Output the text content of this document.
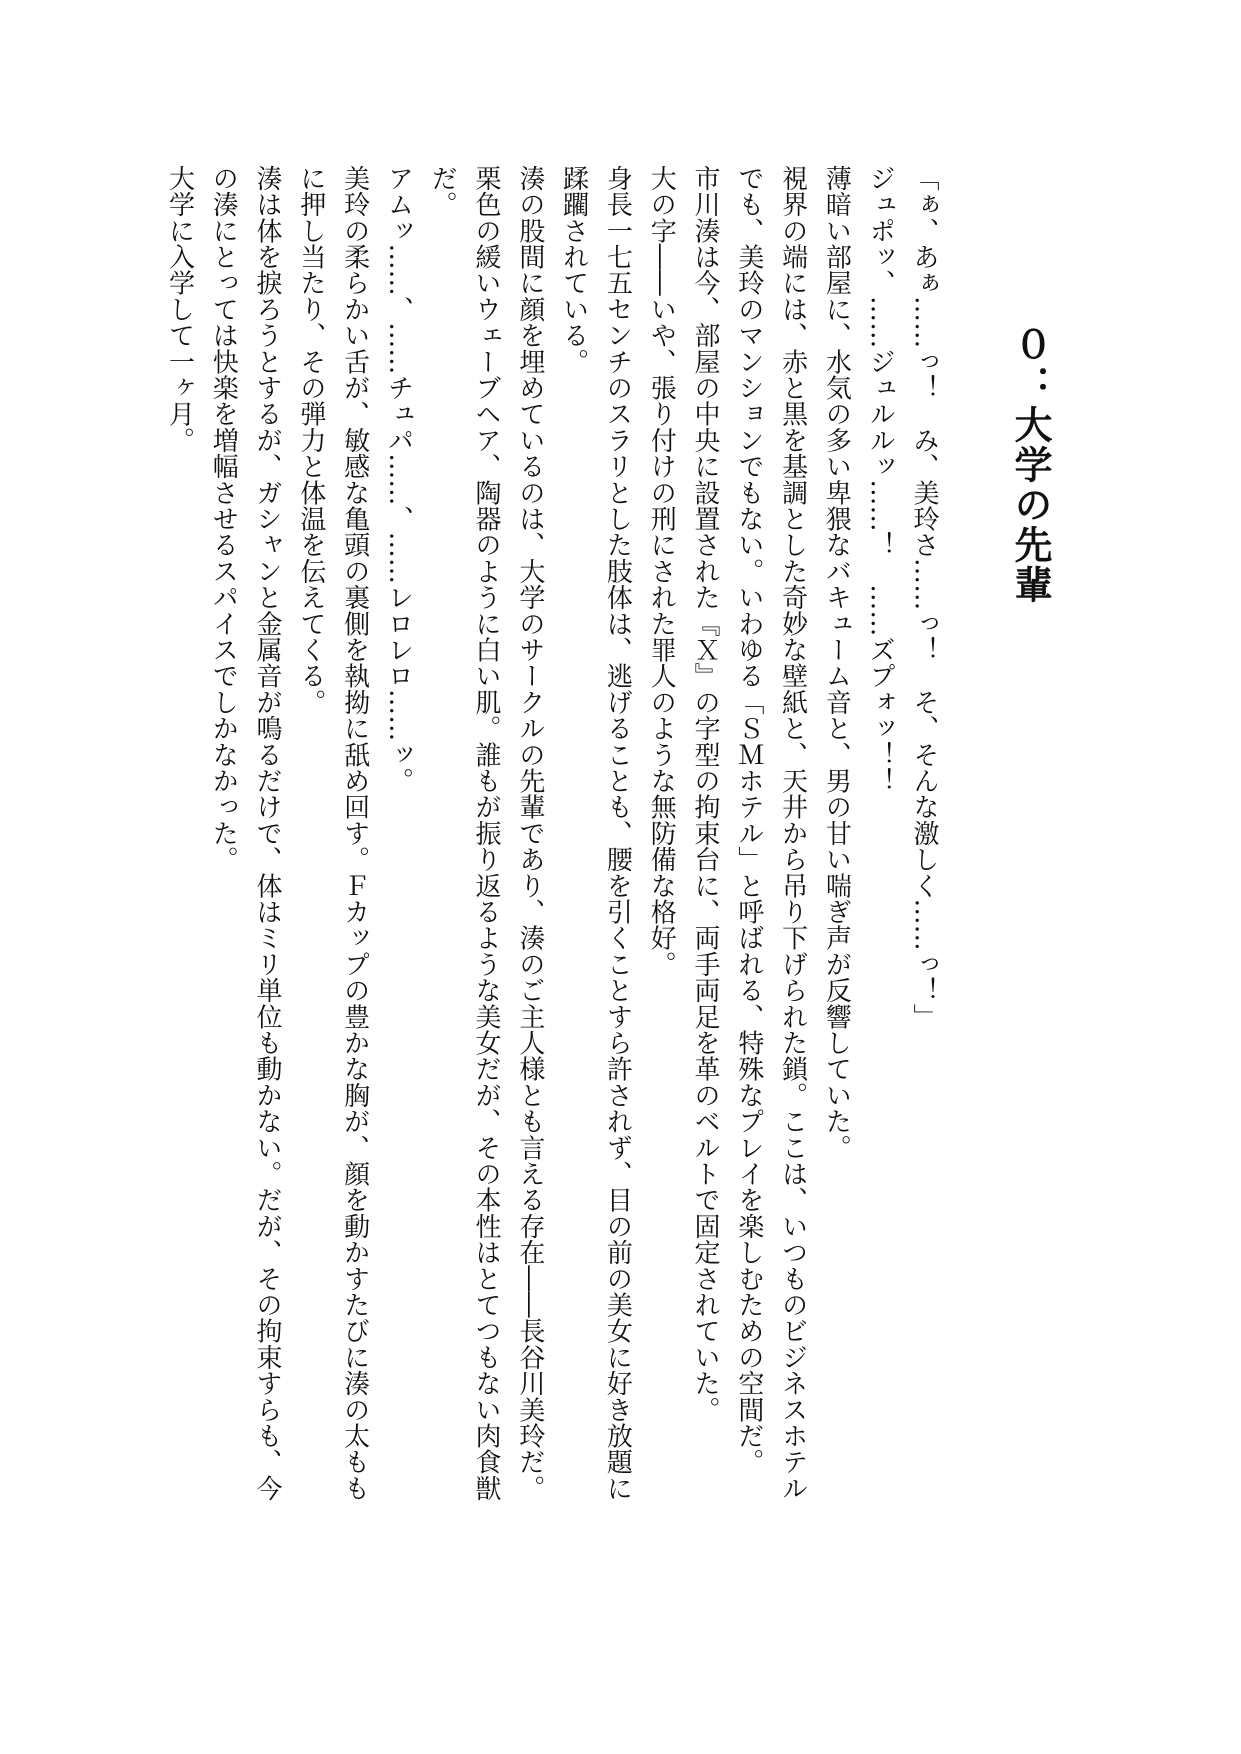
０：大学の先輩
「ぁ、あぁ……っ！　み、美玲さ……っ！　そ、そんな激しく……っ！」
ジュポッ、……ジュルルッ……！　……ズプォッ！！
薄暗い部屋に、水気の多い卑猥なバキューム音と、男の甘い喘ぎ声が反響していた。
視界の端には、赤と黒を基調とした奇妙な壁紙と、天井から吊り下げられた鎖。ここは、いつものビジネスホテル
でも、美玲のマンションでもない。いわゆる「ＳＭホテル」と呼ばれる、特殊なプレイを楽しむための空間だ。
市川湊は今、部屋の中央に設置された『Ｘ』の字型の拘束台に、両手両足を革のベルトで固定されていた。
大の字――いや、張り付けの刑にされた罪人のような無防備な格好。
身長一七五センチのスラリとした肢体は、逃げることも、腰を引くことすら許されず、目の前の美女に好き放題に
蹂躙されている。
湊の股間に顔を埋めているのは、大学のサークルの先輩であり、湊のご主人様とも言える存在――長谷川美玲だ。
栗色の緩いウェーブヘア、陶器のように白い肌。誰もが振り返るような美女だが、その本性はとてつもない肉食獣
だ。
アムッ……、……チュパ……、……レロレロ……ッ。
美玲の柔らかい舌が、敏感な亀頭の裏側を執拗に舐め回す。Ｆカップの豊かな胸が、顔を動かすたびに湊の太もも
に押し当たり、その弾力と体温を伝えてくる。
湊は体を捩ろうとするが、ガシャンと金属音が鳴るだけで、体はミリ単位も動かない。だが、その拘束すらも、今
の湊にとっては快楽を増幅させるスパイスでしかなかった。
大学に入学して一ヶ月。
